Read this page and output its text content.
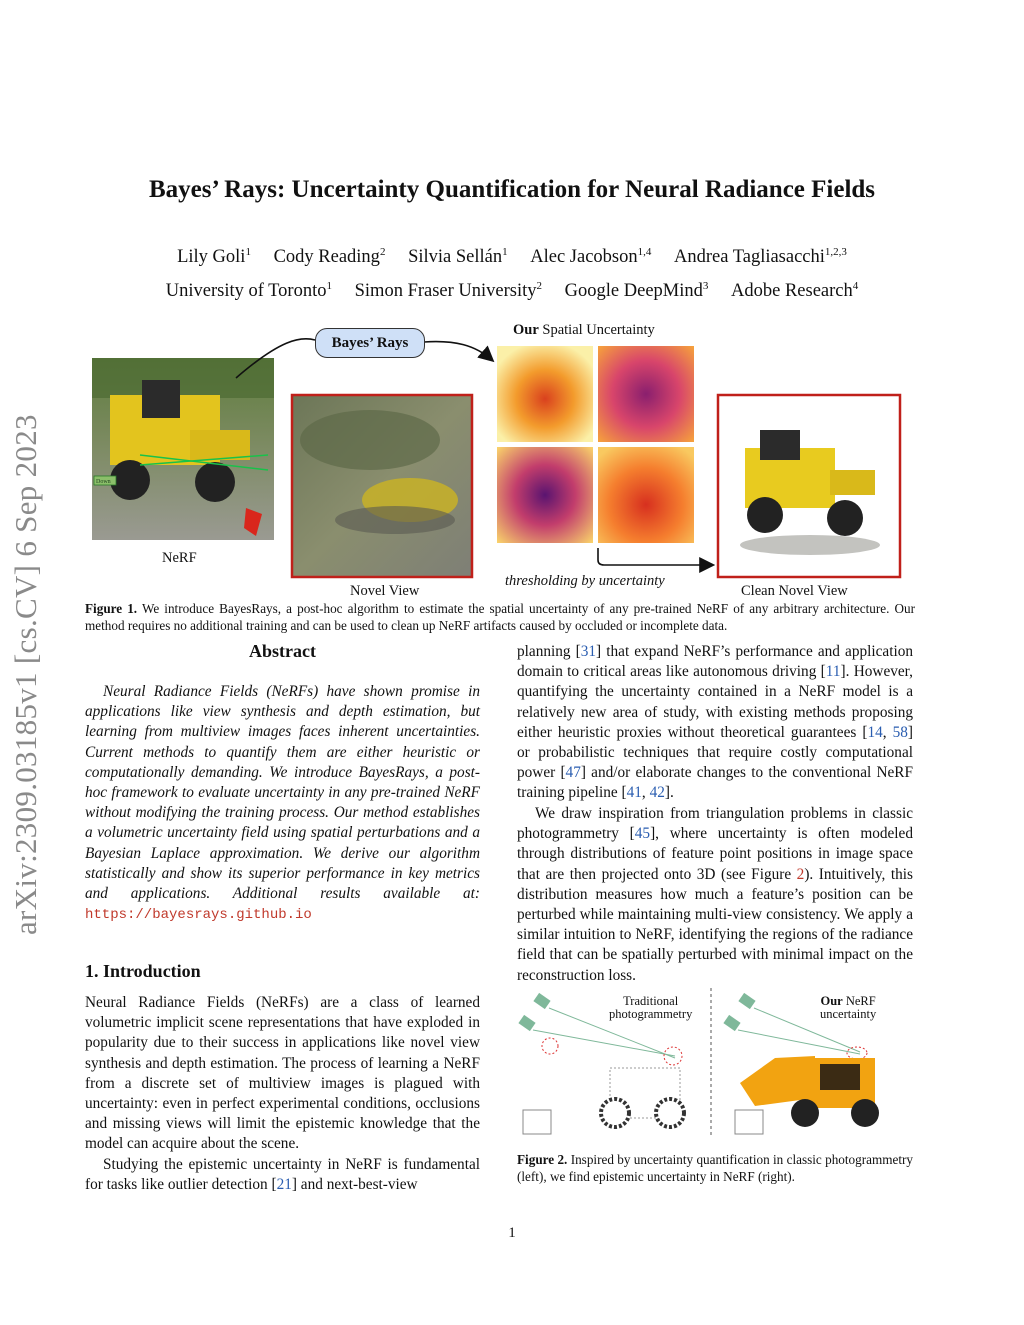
Bayes’ Rays: Uncertainty Quantification for Neural Radiance Fields
Lily Goli$^1$ Cody Reading$^2$ Silvia Sellán$^1$ Alec Jacobson$^{1,4}$ Andrea Tagliasacchi$^{1,2,3}$
University of Toronto$^1$ Simon Fraser University$^2$ Google DeepMind$^3$ Adobe Research$^4$
arXiv:2309.03185v1 [cs.CV] 6 Sep 2023	Down
Bayes’ Rays
Our Spatial Uncertainty
NeRF
Novel View
thresholding by uncertainty
Clean Novel View
Figure 1. We introduce BayesRays, a post-hoc algorithm to estimate the spatial uncertainty of any pre-trained NeRF of any arbitrary architecture. Our method requires no additional training and can be used to clean up NeRF artifacts caused by occluded or incomplete data.
Abstract
Neural Radiance Fields (NeRFs) have shown promise in applications like view synthesis and depth estimation, but learning from multiview images faces inherent uncertainties. Current methods to quantify them are either heuristic or computationally demanding. We introduce BayesRays, a post-hoc framework to evaluate uncertainty in any pre-trained NeRF without modifying the training process. Our method establishes a volumetric uncertainty field using spatial perturbations and a Bayesian Laplace approximation. We derive our algorithm statistically and show its superior performance in key metrics and applications. Additional results available at: https://bayesrays.github.io
1. Introduction
Neural Radiance Fields (NeRFs) are a class of learned volumetric implicit scene representations that have exploded in popularity due to their success in applications like novel view synthesis and depth estimation. The process of learning a NeRF from a discrete set of multiview images is plagued with uncertainty: even in perfect experimental conditions, occlusions and missing views will limit the epistemic knowledge that the model can acquire about the scene.
Studying the epistemic uncertainty in NeRF is fundamental for tasks like outlier detection [21] and next-best-view
planning [31] that expand NeRF’s performance and application domain to critical areas like autonomous driving [11]. However, quantifying the uncertainty contained in a NeRF model is a relatively new area of study, with existing methods proposing either heuristic proxies without theoretical guarantees [14, 58] or probabilistic techniques that require costly computational power [47] and/or elaborate changes to the conventional NeRF training pipeline [41, 42].
We draw inspiration from triangulation problems in classic photogrammetry [45], where uncertainty is often modeled through distributions of feature point positions in image space that are then projected onto 3D (see Figure 2). Intuitively, this distribution measures how much a feature’s position can be perturbed while maintaining multi-view consistency. We apply a similar intuition to NeRF, identifying the regions of the radiance field that can be spatially perturbed with minimal impact on the reconstruction loss.
Traditional
photogrammetry
Our NeRF
uncertainty
Figure 2. Inspired by uncertainty quantification in classic photogrammetry (left), we find epistemic uncertainty in NeRF (right).
1
